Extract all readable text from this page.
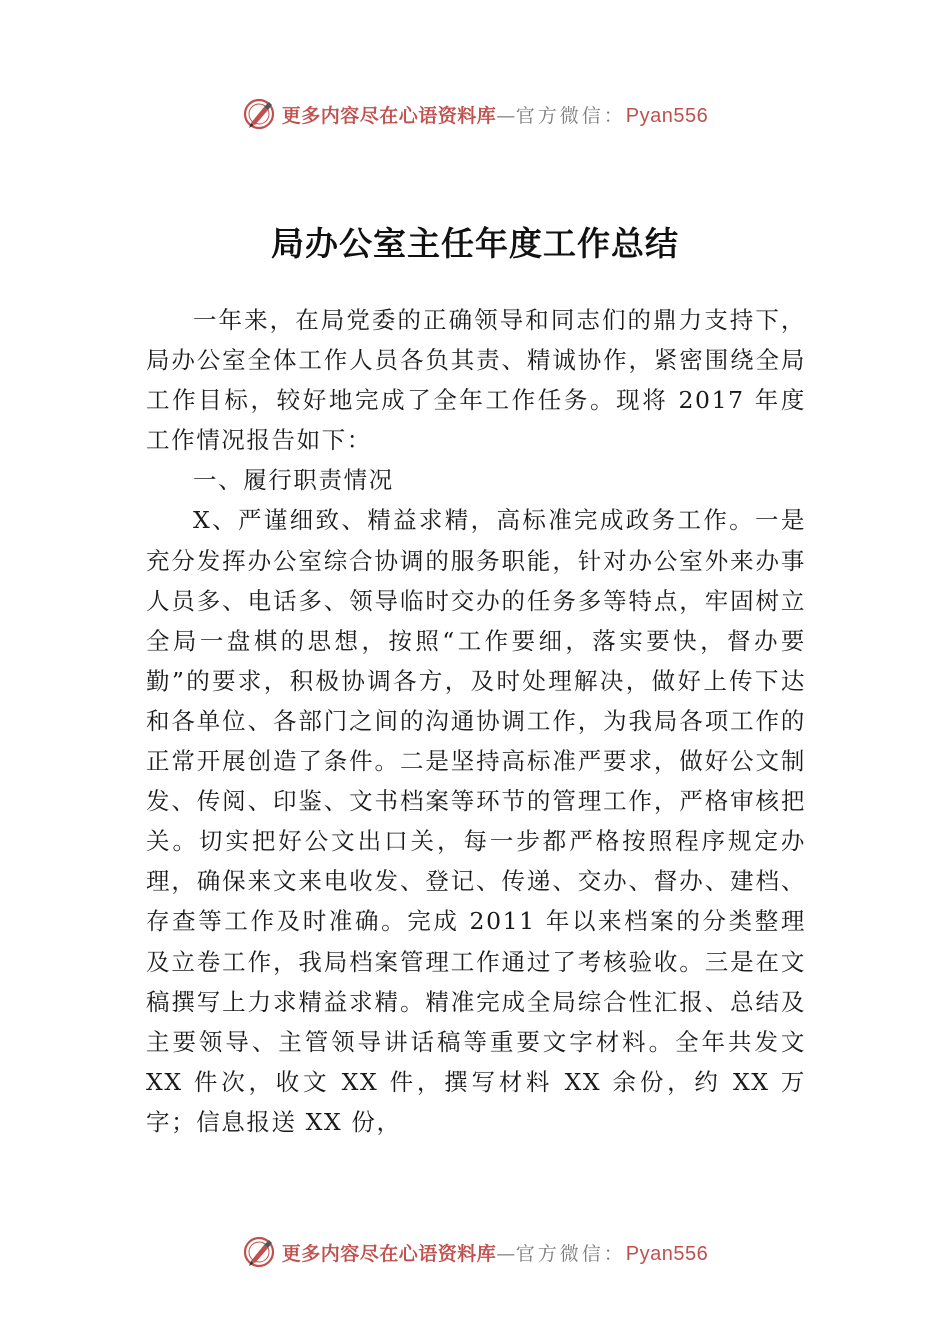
更多内容尽在心语资料库 — 官方微信： Pyan556
局办公室主任年度工作总结

一年来，在局党委的正确领导和同志们的鼎力支持下，局办公室全体工作人员各负其责、精诚协作，紧密围绕全局工作目标，较好地完成了全年工作任务。现将 2017 年度工作情况报告如下：

一、履行职责情况

X、严谨细致、精益求精，高标准完成政务工作。一是充分发挥办公室综合协调的服务职能，针对办公室外来办事人员多、电话多、领导临时交办的任务多等特点，牢固树立全局一盘棋的思想，按照“工作要细，落实要快，督办要勤”的要求，积极协调各方，及时处理解决，做好上传下达和各单位、各部门之间的沟通协调工作，为我局各项工作的正常开展创造了条件。二是坚持高标准严要求，做好公文制发、传阅、印鉴、文书档案等环节的管理工作，严格审核把关。切实把好公文出口关，每一步都严格按照程序规定办理，确保来文来电收发、登记、传递、交办、督办、建档、存查等工作及时准确。完成 2011 年以来档案的分类整理及立卷工作，我局档案管理工作通过了考核验收。三是在文稿撰写上力求精益求精。精准完成全局综合性汇报、总结及主要领导、主管领导讲话稿等重要文字材料。全年共发文 XX 件次，收文 XX 件，撰写材料 XX 余份，约 XX 万字；信息报送 XX 份，

更多内容尽在心语资料库 — 官方微信： Pyan556
